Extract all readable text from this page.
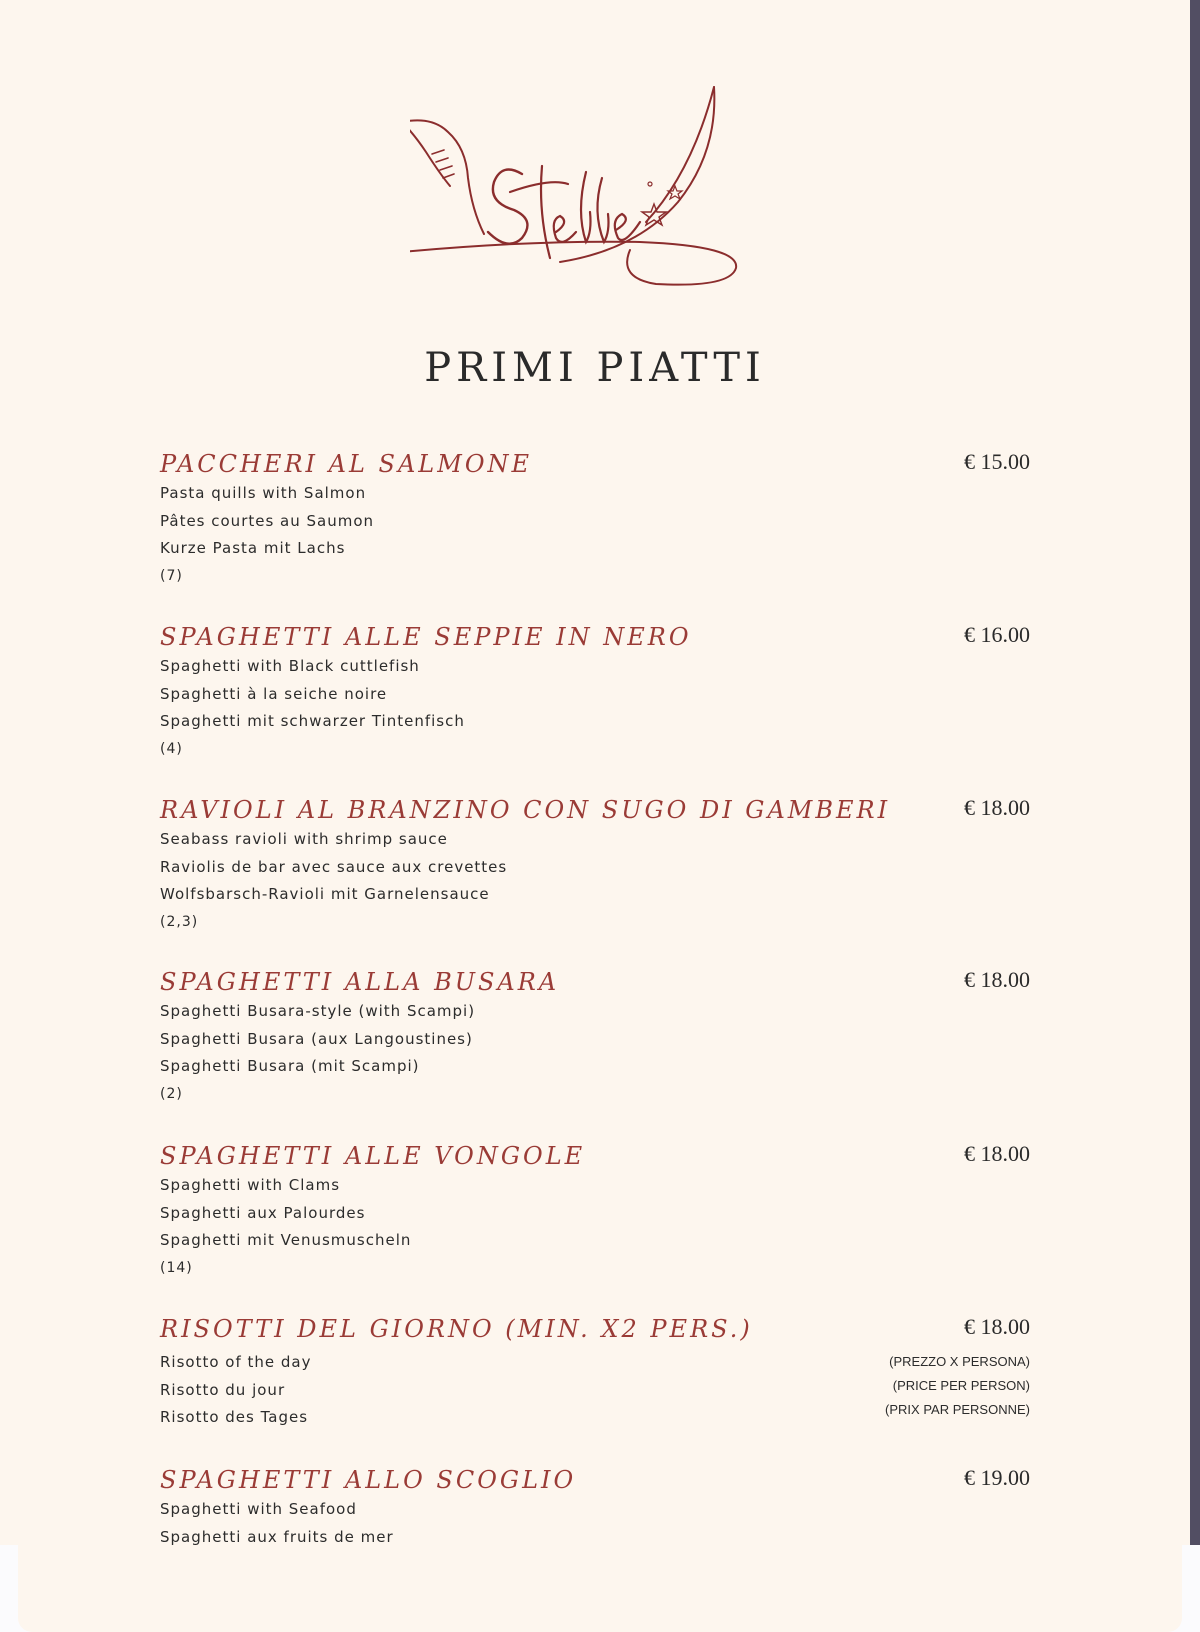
PRIMI PIATTI
PACCHERI AL SALMONE	€ 15.00
Pasta quills with Salmon
Pâtes courtes au Saumon
Kurze Pasta mit Lachs
(7)
SPAGHETTI ALLE SEPPIE IN NERO	€ 16.00
Spaghetti with Black cuttlefish
Spaghetti à la seiche noire
Spaghetti mit schwarzer Tintenfisch
(4)
RAVIOLI AL BRANZINO CON SUGO DI GAMBERI	€ 18.00
Seabass ravioli with shrimp sauce
Raviolis de bar avec sauce aux crevettes
Wolfsbarsch-Ravioli mit Garnelensauce
(2,3)
SPAGHETTI ALLA BUSARA	€ 18.00
Spaghetti Busara-style (with Scampi)
Spaghetti Busara (aux Langoustines)
Spaghetti Busara (mit Scampi)
(2)
SPAGHETTI ALLE VONGOLE	€ 18.00
Spaghetti with Clams
Spaghetti aux Palourdes
Spaghetti mit Venusmuscheln
(14)
RISOTTI DEL GIORNO (MIN. X2 PERS.)	€ 18.00
(PREZZO X PERSONA)
(PRICE PER PERSON)
(PRIX PAR PERSONNE)
Risotto of the day
Risotto du jour
Risotto des Tages
SPAGHETTI ALLO SCOGLIO	€ 19.00
Spaghetti with Seafood
Spaghetti aux fruits de mer
